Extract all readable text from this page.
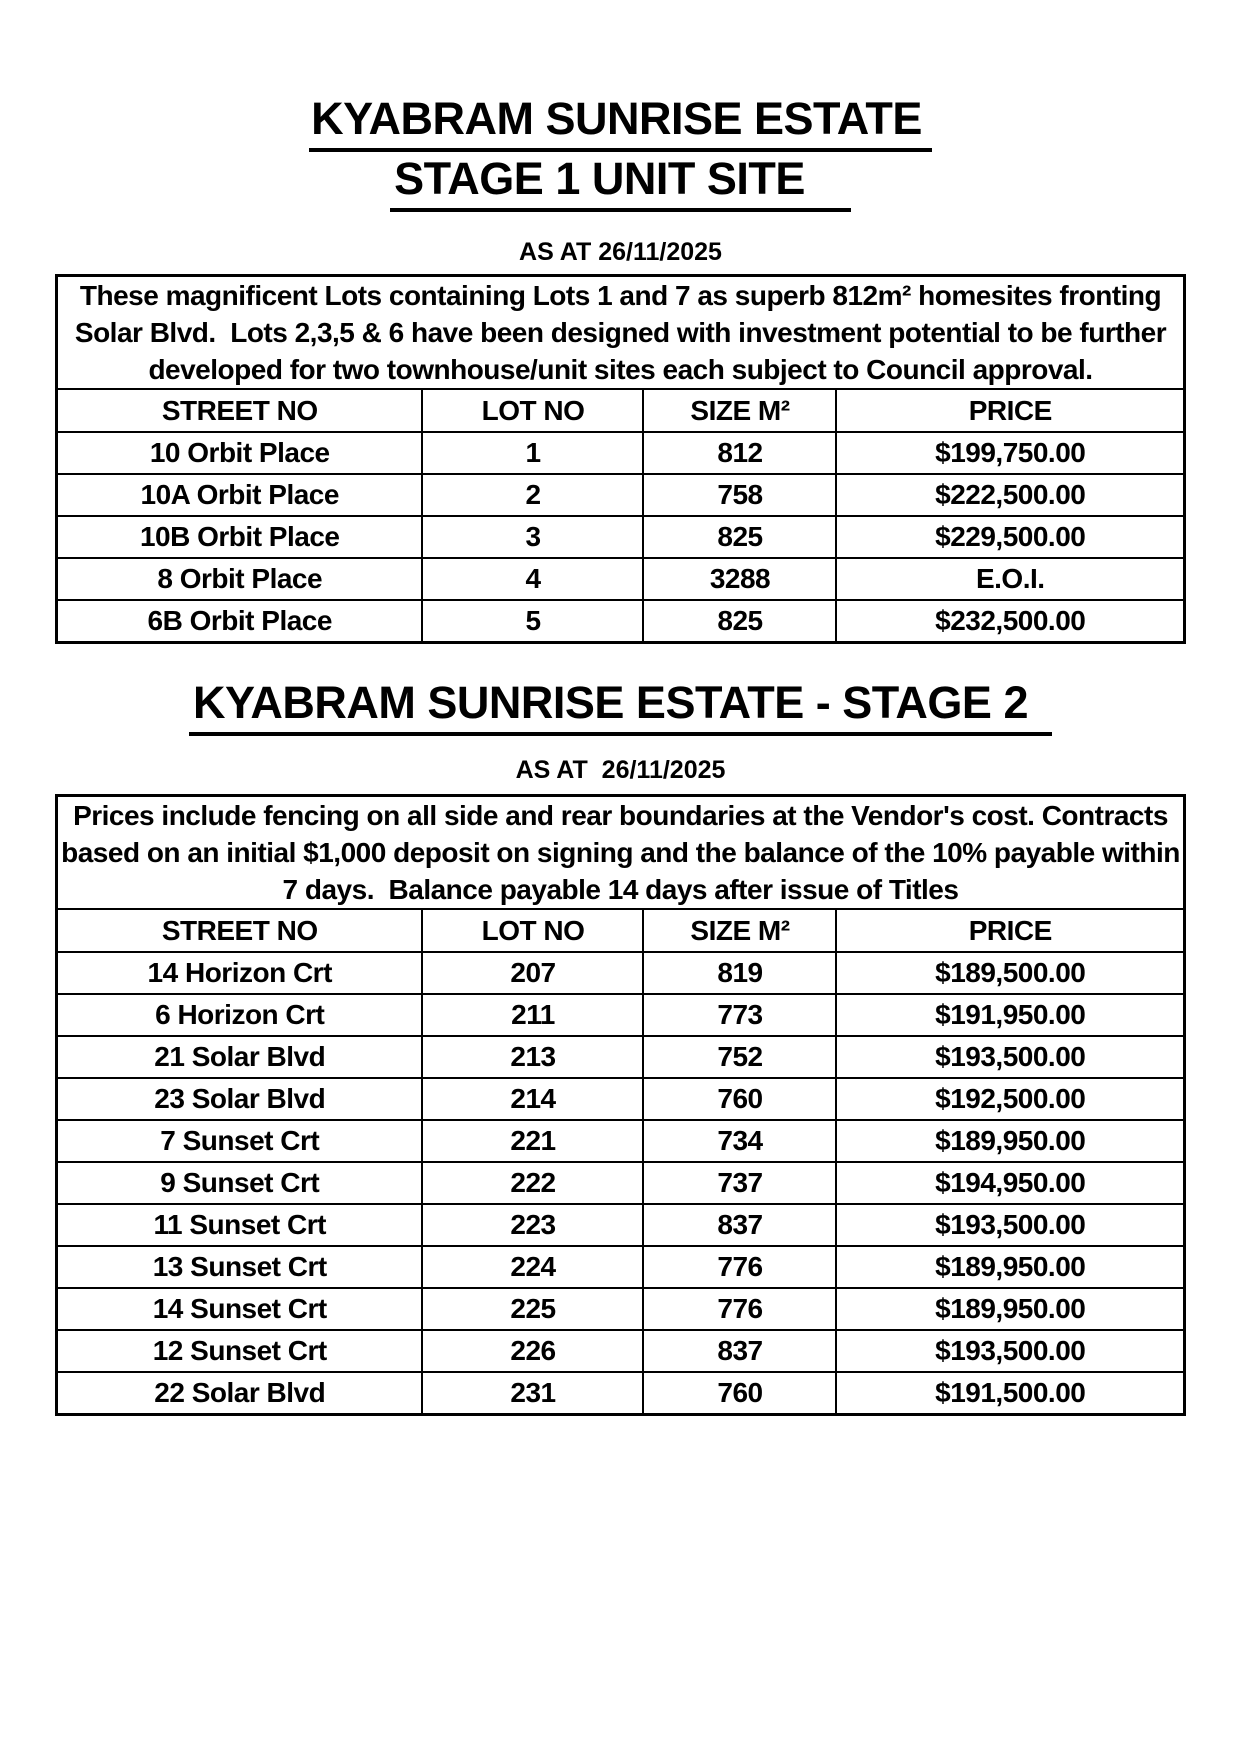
KYABRAM SUNRISE ESTATE
STAGE 1 UNIT SITE
AS AT 26/11/2025
These magnificent Lots containing Lots 1 and 7 as superb 812m² homesites fronting Solar Blvd.  Lots 2,3,5 & 6 have been designed with investment potential to be further developed for two townhouse/unit sites each subject to Council approval.			
STREET NO	LOT NO	SIZE M²	PRICE
10 Orbit Place	1	812	$199,750.00
10A Orbit Place	2	758	$222,500.00
10B Orbit Place	3	825	$229,500.00
8 Orbit Place	4	3288	E.O.I.
6B Orbit Place	5	825	$232,500.00
KYABRAM SUNRISE ESTATE - STAGE 2
AS AT  26/11/2025
Prices include fencing on all side and rear boundaries at the Vendor's cost. Contracts based on an initial $1,000 deposit on signing and the balance of the 10% payable within 7 days.  Balance payable 14 days after issue of Titles			
STREET NO	LOT NO	SIZE M²	PRICE
14 Horizon Crt	207	819	$189,500.00
6 Horizon Crt	211	773	$191,950.00
21 Solar Blvd	213	752	$193,500.00
23 Solar Blvd	214	760	$192,500.00
7 Sunset Crt	221	734	$189,950.00
9 Sunset Crt	222	737	$194,950.00
11 Sunset Crt	223	837	$193,500.00
13 Sunset Crt	224	776	$189,950.00
14 Sunset Crt	225	776	$189,950.00
12 Sunset Crt	226	837	$193,500.00
22 Solar Blvd	231	760	$191,500.00
